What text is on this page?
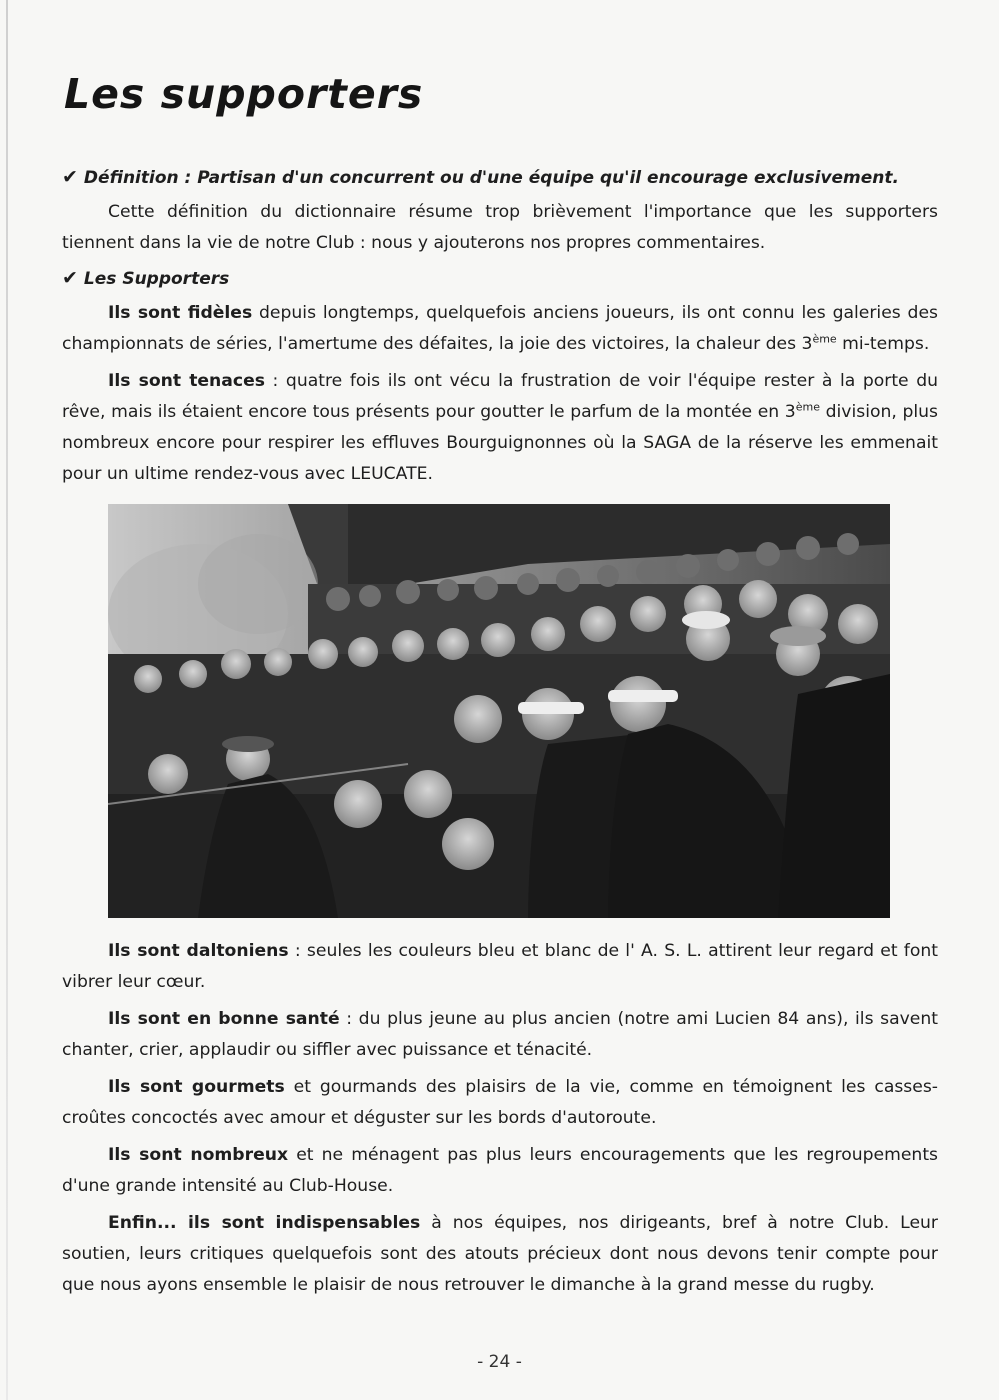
Les supporters
✔ Définition : Partisan d'un concurrent ou d'une équipe qu'il encourage exclusivement.

Cette définition du dictionnaire résume trop brièvement l'importance que les supporters tiennent dans la vie de notre Club : nous y ajouterons nos propres commentaires.

✔ Les Supporters

Ils sont fidèles depuis longtemps, quelquefois anciens joueurs, ils ont connu les galeries des championnats de séries, l'amertume des défaites, la joie des victoires, la chaleur des 3ème mi-temps.

Ils sont tenaces : quatre fois ils ont vécu la frustration de voir l'équipe rester à la porte du rêve, mais ils étaient encore tous présents pour goutter le parfum de la montée en 3ème division, plus nombreux encore pour respirer les effluves Bourguignonnes où la SAGA de la réserve les emmenait pour un ultime rendez-vous avec LEUCATE.

Ils sont daltoniens : seules les couleurs bleu et blanc de l' A. S. L. attirent leur regard et font vibrer leur cœur.

Ils sont en bonne santé : du plus jeune au plus ancien (notre ami Lucien 84 ans), ils savent chanter, crier, applaudir ou siffler avec puissance et ténacité.

Ils sont gourmets et gourmands des plaisirs de la vie, comme en témoignent les casses-croûtes concoctés avec amour et déguster sur les bords d'autoroute.

Ils sont nombreux et ne ménagent pas plus leurs encouragements que les regroupements d'une grande intensité au Club-House.

Enfin... ils sont indispensables à nos équipes, nos dirigeants, bref à notre Club. Leur soutien, leurs critiques quelquefois sont des atouts précieux dont nous devons tenir compte pour que nous ayons ensemble le plaisir de nous retrouver le dimanche à la grand messe du rugby.

- 24 -
